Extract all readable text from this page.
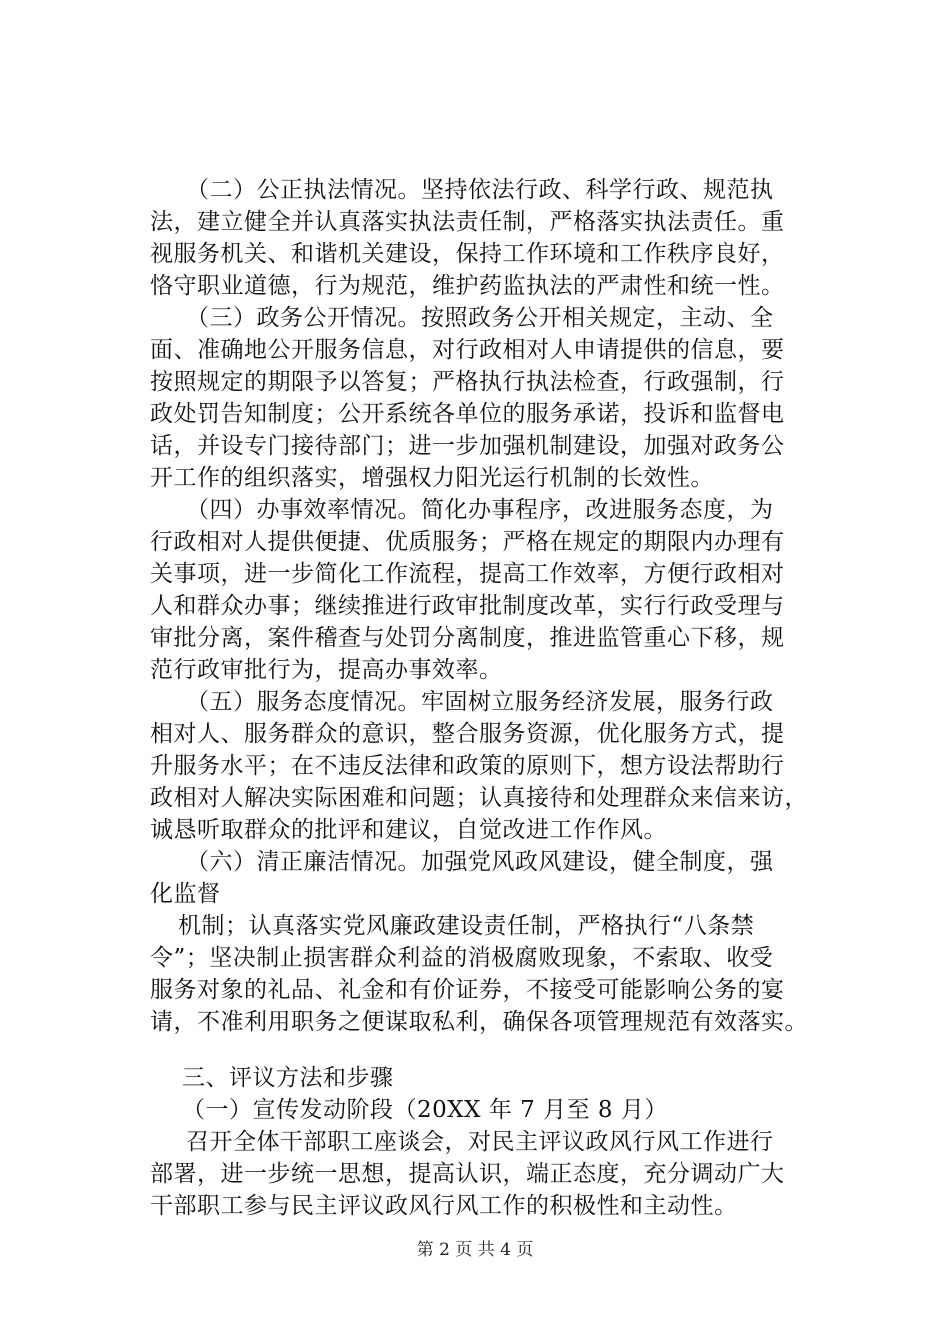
（二）公正执法情况。坚持依法行政、科学行政、规范执
法，建立健全并认真落实执法责任制，严格落实执法责任。重
视服务机关、和谐机关建设，保持工作环境和工作秩序良好，
恪守职业道德，行为规范，维护药监执法的严肃性和统一性。
（三）政务公开情况。按照政务公开相关规定，主动、全
面、准确地公开服务信息，对行政相对人申请提供的信息，要
按照规定的期限予以答复；严格执行执法检查，行政强制，行
政处罚告知制度；公开系统各单位的服务承诺，投诉和监督电
话，并设专门接待部门；进一步加强机制建设，加强对政务公
开工作的组织落实，增强权力阳光运行机制的长效性。
（四）办事效率情况。简化办事程序，改进服务态度，为
行政相对人提供便捷、优质服务；严格在规定的期限内办理有
关事项，进一步简化工作流程，提高工作效率，方便行政相对
人和群众办事；继续推进行政审批制度改革，实行行政受理与
审批分离，案件稽查与处罚分离制度，推进监管重心下移，规
范行政审批行为，提高办事效率。
（五）服务态度情况。牢固树立服务经济发展，服务行政
相对人、服务群众的意识，整合服务资源，优化服务方式，提
升服务水平；在不违反法律和政策的原则下，想方设法帮助行
政相对人解决实际困难和问题；认真接待和处理群众来信来访，
诚恳听取群众的批评和建议，自觉改进工作作风。
（六）清正廉洁情况。加强党风政风建设，健全制度，强
化监督
机制；认真落实党风廉政建设责任制，严格执行“八条禁
令”；坚决制止损害群众利益的消极腐败现象，不索取、收受
服务对象的礼品、礼金和有价证券，不接受可能影响公务的宴
请，不准利用职务之便谋取私利，确保各项管理规范有效落实。
三、评议方法和步骤
（一）宣传发动阶段（20XX 年 7 月至 8 月）
召开全体干部职工座谈会，对民主评议政风行风工作进行
部署，进一步统一思想，提高认识，端正态度，充分调动广大
干部职工参与民主评议政风行风工作的积极性和主动性。
第 2 页 共 4 页
